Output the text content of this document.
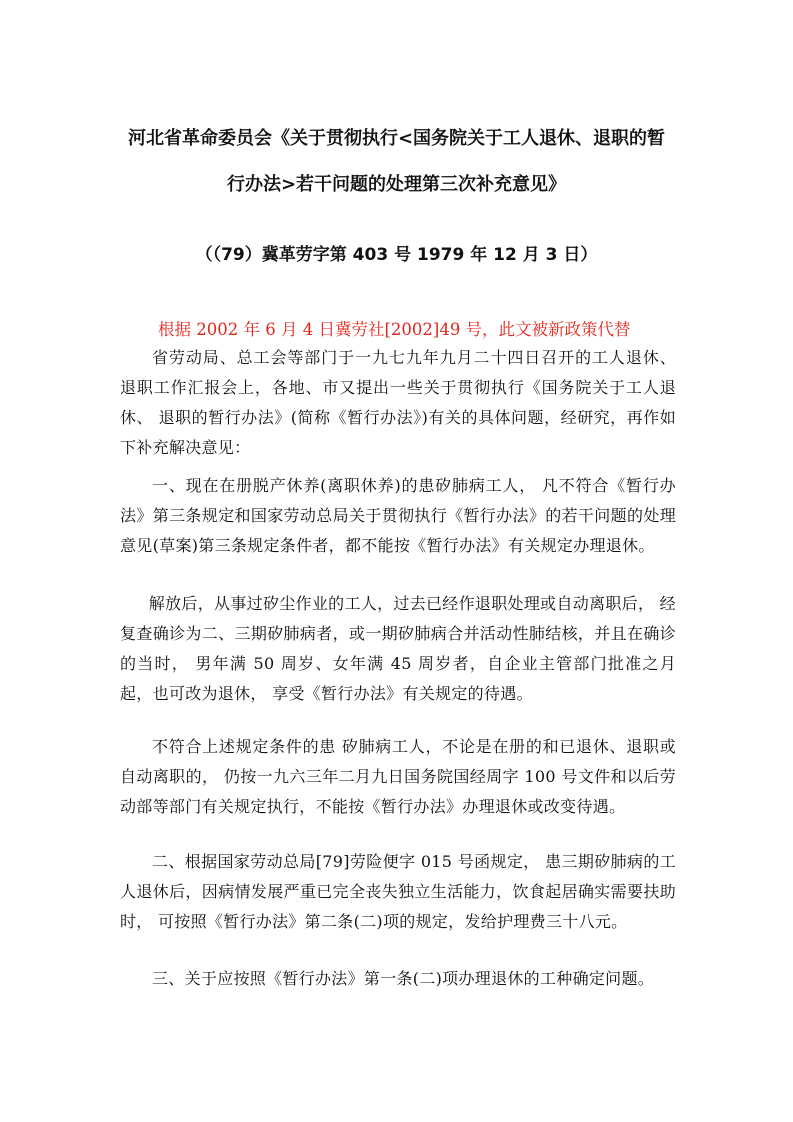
河北省革命委员会《关于贯彻执行<国务院关于工人退休、退职的暂
行办法>若干问题的处理第三次补充意见》
（（79）冀革劳字第 403 号 1979 年 12 月 3 日）
根据 2002 年 6 月 4 日冀劳社[2002]49 号，此文被新政策代替

省劳动局、总工会等部门于一九七九年九月二十四日召开的工人退休、 退职工作汇报会上，各地、市又提出一些关于贯彻执行《国务院关于工人退休、 退职的暂行办法》(简称《暂行办法》)有关的具体问题，经研究，再作如下补充解决意见：

一、现在在册脱产休养(离职休养)的患矽肺病工人， 凡不符合《暂行办法》第三条规定和国家劳动总局关于贯彻执行《暂行办法》的若干问题的处理意见(草案)第三条规定条件者，都不能按《暂行办法》有关规定办理退休。

解放后，从事过矽尘作业的工人，过去已经作退职处理或自动离职后， 经复查确诊为二、三期矽肺病者，或一期矽肺病合并活动性肺结核，并且在确诊的当时， 男年满 50 周岁、女年满 45 周岁者，自企业主管部门批准之月起，也可改为退休， 享受《暂行办法》有关规定的待遇。

不符合上述规定条件的患 矽肺病工人，不论是在册的和已退休、退职或自动离职的， 仍按一九六三年二月九日国务院国经周字 100 号文件和以后劳动部等部门有关规定执行，不能按《暂行办法》办理退休或改变待遇。

二、根据国家劳动总局[79]劳险便字 015 号函规定， 患三期矽肺病的工人退休后，因病情发展严重已完全丧失独立生活能力，饮食起居确实需要扶助时， 可按照《暂行办法》第二条(二)项的规定，发给护理费三十八元。

三、关于应按照《暂行办法》第一条(二)项办理退休的工种确定问题。
